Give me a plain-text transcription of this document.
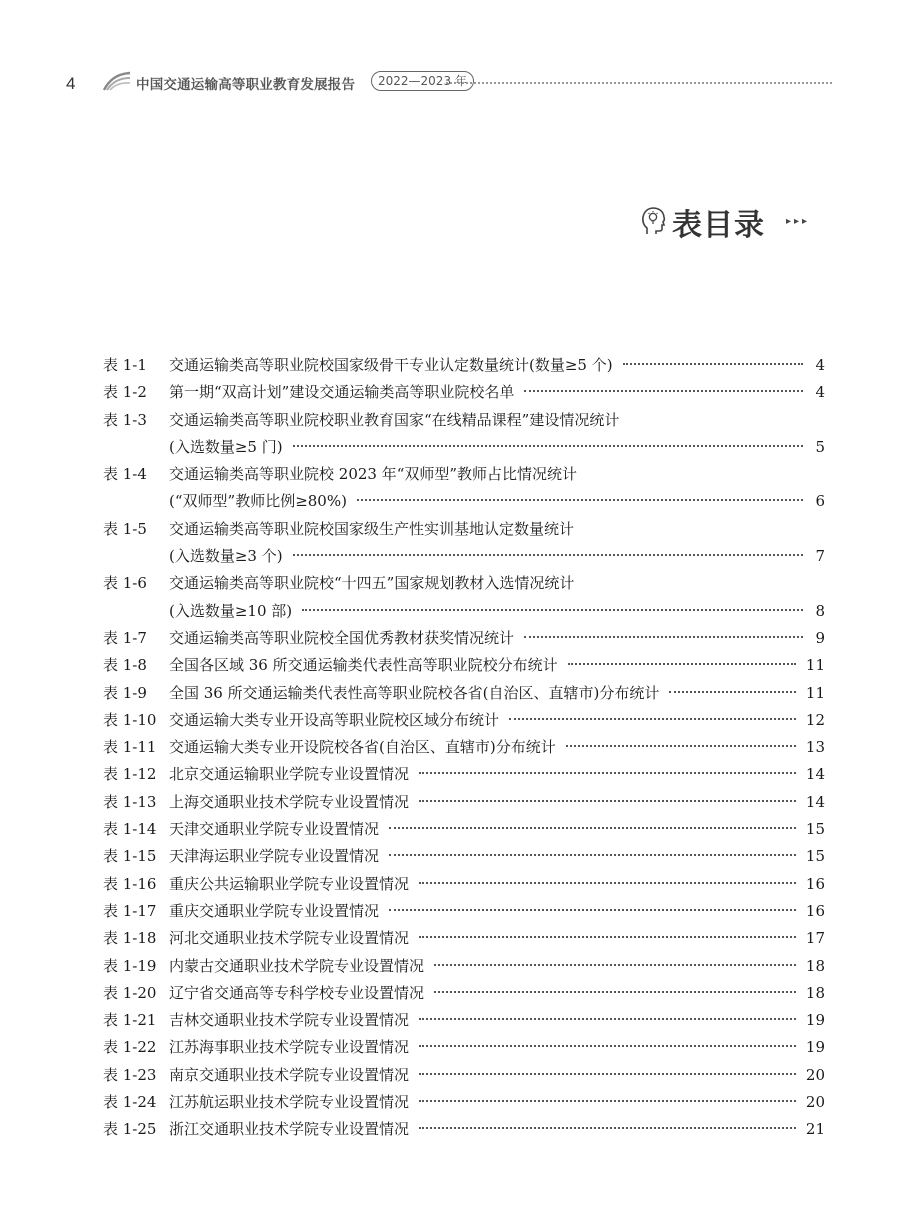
4	中国交通运输高等职业教育发展报告	2022—2023 年
表目录 ▸▸▸
表 1-1	交通运输类高等职业院校国家级骨干专业认定数量统计(数量≥5 个)	4
表 1-2	第一期“双高计划”建设交通运输类高等职业院校名单	4
表 1-3	交通运输类高等职业院校职业教育国家“在线精品课程”建设情况统计
(入选数量≥5 门)	5
表 1-4	交通运输类高等职业院校 2023 年“双师型”教师占比情况统计
(“双师型”教师比例≥80%)	6
表 1-5	交通运输类高等职业院校国家级生产性实训基地认定数量统计
(入选数量≥3 个)	7
表 1-6	交通运输类高等职业院校“十四五”国家规划教材入选情况统计
(入选数量≥10 部)	8
表 1-7	交通运输类高等职业院校全国优秀教材获奖情况统计	9
表 1-8	全国各区域 36 所交通运输类代表性高等职业院校分布统计	11
表 1-9	全国 36 所交通运输类代表性高等职业院校各省(自治区、直辖市)分布统计	11
表 1-10 交通运输大类专业开设高等职业院校区域分布统计	12
表 1-11 交通运输大类专业开设院校各省(自治区、直辖市)分布统计	13
表 1-12 北京交通运输职业学院专业设置情况	14
表 1-13 上海交通职业技术学院专业设置情况	14
表 1-14 天津交通职业学院专业设置情况	15
表 1-15 天津海运职业学院专业设置情况	15
表 1-16 重庆公共运输职业学院专业设置情况	16
表 1-17 重庆交通职业学院专业设置情况	16
表 1-18 河北交通职业技术学院专业设置情况	17
表 1-19 内蒙古交通职业技术学院专业设置情况	18
表 1-20 辽宁省交通高等专科学校专业设置情况	18
表 1-21 吉林交通职业技术学院专业设置情况	19
表 1-22 江苏海事职业技术学院专业设置情况	19
表 1-23 南京交通职业技术学院专业设置情况	20
表 1-24 江苏航运职业技术学院专业设置情况	20
表 1-25 浙江交通职业技术学院专业设置情况	21
